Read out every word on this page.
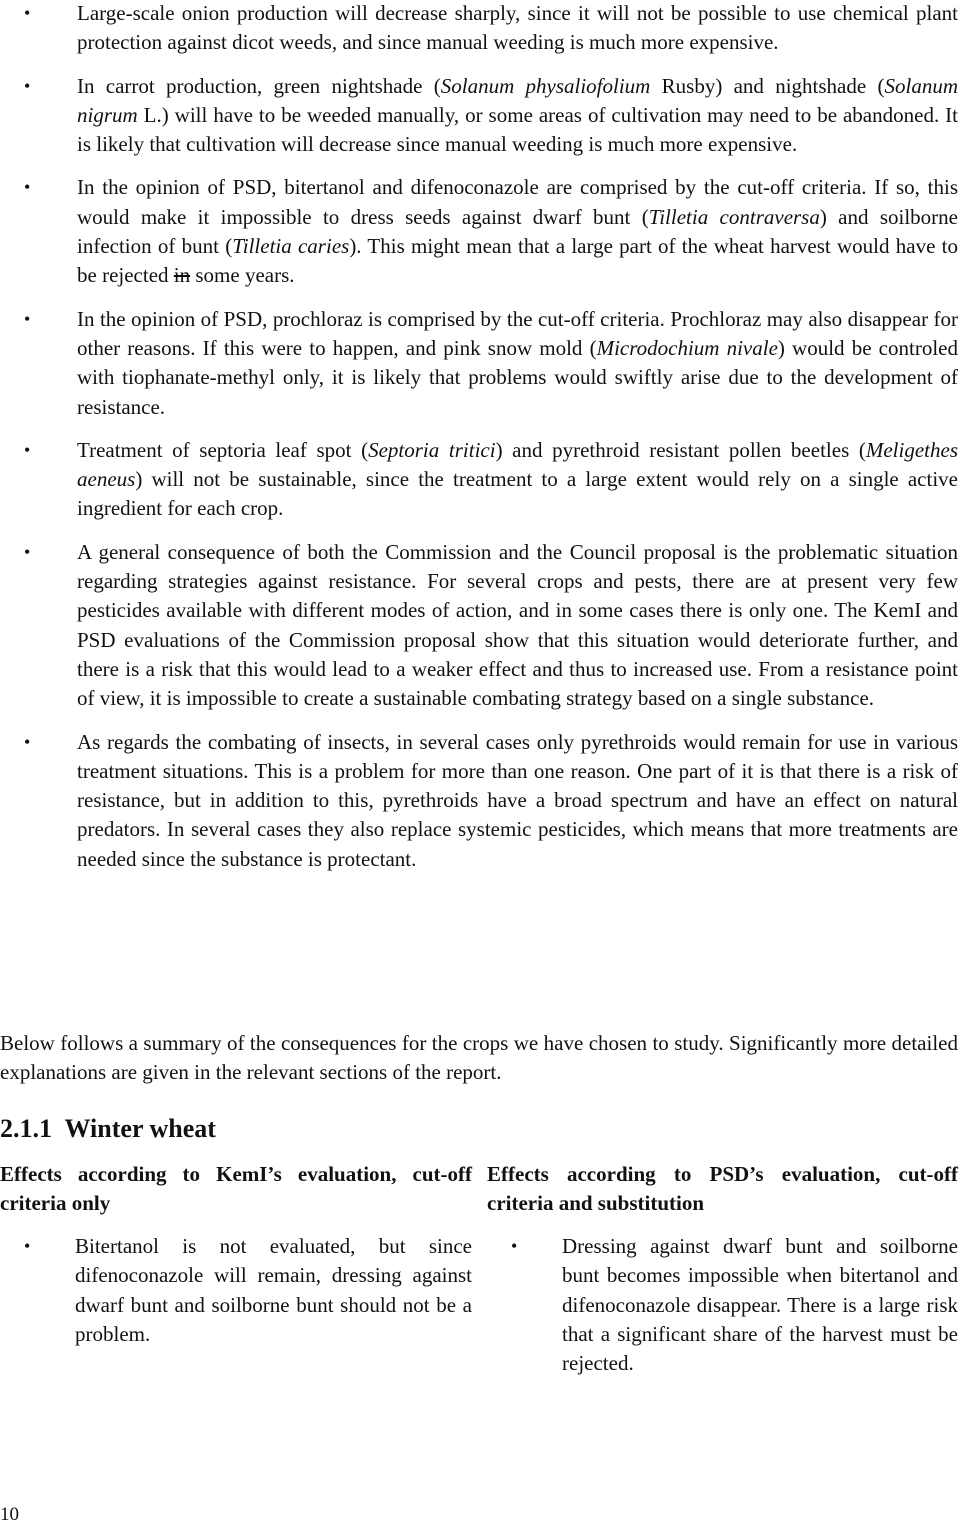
• Large-scale onion production will decrease sharply, since it will not be possible to use chemical plant protection against dicot weeds, and since manual weeding is much more expensive.
• In carrot production, green nightshade (Solanum physaliofolium Rusby) and nightshade (Solanum nigrum L.) will have to be weeded manually, or some areas of cultivation may need to be abandoned. It is likely that cultivation will decrease since manual weeding is much more expensive.
• In the opinion of PSD, bitertanol and difenoconazole are comprised by the cut-off criteria. If so, this would make it impossible to dress seeds against dwarf bunt (Tilletia contraversa) and soilborne infection of bunt (Tilletia caries). This might mean that a large part of the wheat harvest would have to be rejected in some years.
• In the opinion of PSD, prochloraz is comprised by the cut-off criteria. Prochloraz may also disappear for other reasons. If this were to happen, and pink snow mold (Microdochium nivale) would be controled with tiophanate-methyl only, it is likely that problems would swiftly arise due to the development of resistance.
• Treatment of septoria leaf spot (Septoria tritici) and pyrethroid resistant pollen beetles (Meligethes aeneus) will not be sustainable, since the treatment to a large extent would rely on a single active ingredient for each crop.
• A general consequence of both the Commission and the Council proposal is the problematic situation regarding strategies against resistance. For several crops and pests, there are at present very few pesticides available with different modes of action, and in some cases there is only one. The KemI and PSD evaluations of the Commission proposal show that this situation would deteriorate further, and there is a risk that this would lead to a weaker effect and thus to increased use. From a resistance point of view, it is impossible to create a sustainable combating strategy based on a single substance.
• As regards the combating of insects, in several cases only pyrethroids would remain for use in various treatment situations. This is a problem for more than one reason. One part of it is that there is a risk of resistance, but in addition to this, pyrethroids have a broad spectrum and have an effect on natural predators. In several cases they also replace systemic pesticides, which means that more treatments are needed since the substance is protectant.

Below follows a summary of the consequences for the crops we have chosen to study. Significantly more detailed explanations are given in the relevant sections of the report.

2.1.1 Winter wheat

Effects according to KemI’s evaluation, cut-off criteria only

• Bitertanol is not evaluated, but since difenoconazole will remain, dressing against dwarf bunt and soilborne bunt should not be a problem.

Effects according to PSD’s evaluation, cut-off criteria and substitution

• Dressing against dwarf bunt and soilborne bunt becomes impossible when bitertanol and difenoconazole disappear. There is a large risk that a significant share of the harvest must be rejected.
10
